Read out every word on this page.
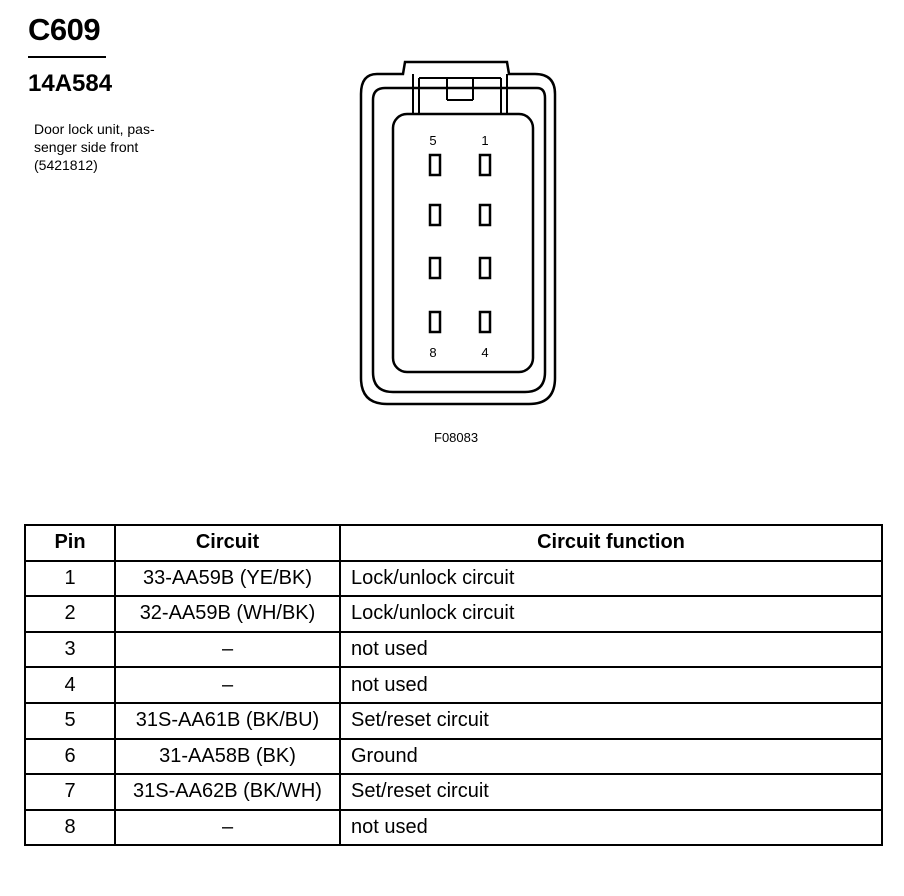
C609
14A584
Door lock unit, pas-
senger side front
(5421812)
5	1
8	4
F08083
Pin	Circuit	Circuit function
1	33-AA59B (YE/BK)	Lock/unlock circuit
2	32-AA59B (WH/BK)	Lock/unlock circuit
3	–	not used
4	–	not used
5	31S-AA61B (BK/BU)	Set/reset circuit
6	31-AA58B (BK)	Ground
7	31S-AA62B (BK/WH)	Set/reset circuit
8	–	not used
